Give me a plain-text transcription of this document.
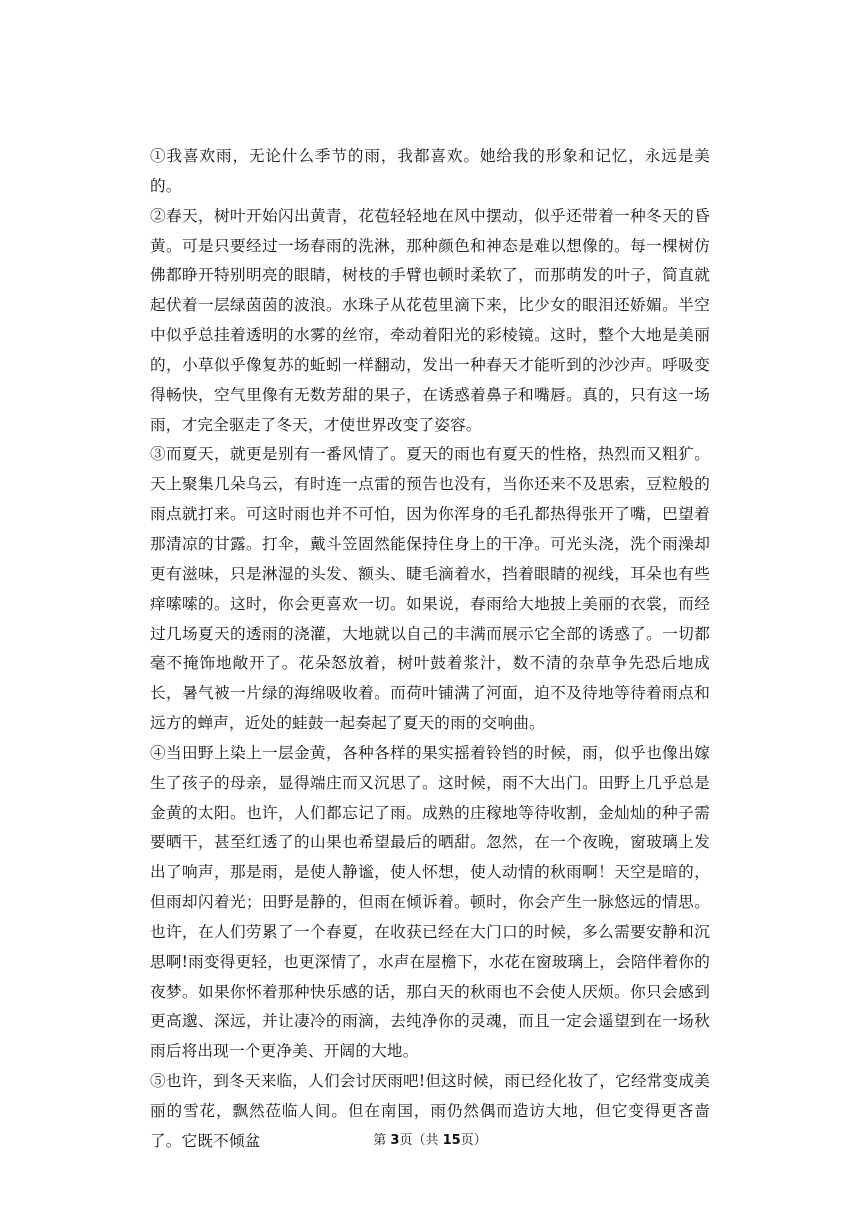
①我喜欢雨，无论什么季节的雨，我都喜欢。她给我的形象和记忆，永远是美的。

②春天，树叶开始闪出黄青，花苞轻轻地在风中摆动，似乎还带着一种冬天的昏黄。可是只要经过一场春雨的洗淋，那种颜色和神态是难以想像的。每一棵树仿佛都睁开特别明亮的眼睛，树枝的手臂也顿时柔软了，而那萌发的叶子，简直就起伏着一层绿茵茵的波浪。水珠子从花苞里滴下来，比少女的眼泪还娇媚。半空中似乎总挂着透明的水雾的丝帘，牵动着阳光的彩棱镜。这时，整个大地是美丽的，小草似乎像复苏的蚯蚓一样翻动，发出一种春天才能听到的沙沙声。呼吸变得畅快，空气里像有无数芳甜的果子，在诱惑着鼻子和嘴唇。真的，只有这一场雨，才完全驱走了冬天，才使世界改变了姿容。

③而夏天，就更是别有一番风情了。夏天的雨也有夏天的性格，热烈而又粗犷。天上聚集几朵乌云，有时连一点雷的预告也没有，当你还来不及思索，豆粒般的雨点就打来。可这时雨也并不可怕，因为你浑身的毛孔都热得张开了嘴，巴望着那清凉的甘露。打伞，戴斗笠固然能保持住身上的干净。可光头浇，洗个雨澡却更有滋味，只是淋湿的头发、额头、睫毛滴着水，挡着眼睛的视线，耳朵也有些痒嗦嗦的。这时，你会更喜欢一切。如果说，春雨给大地披上美丽的衣裳，而经过几场夏天的透雨的浇灌，大地就以自己的丰满而展示它全部的诱惑了。一切都毫不掩饰地敞开了。花朵怒放着，树叶鼓着浆汁，数不清的杂草争先恐后地成长，暑气被一片绿的海绵吸收着。而荷叶铺满了河面，迫不及待地等待着雨点和远方的蝉声，近处的蛙鼓一起奏起了夏天的雨的交响曲。

④当田野上染上一层金黄，各种各样的果实摇着铃铛的时候，雨，似乎也像出嫁生了孩子的母亲，显得端庄而又沉思了。这时候，雨不大出门。田野上几乎总是金黄的太阳。也许，人们都忘记了雨。成熟的庄稼地等待收割，金灿灿的种子需要晒干，甚至红透了的山果也希望最后的晒甜。忽然，在一个夜晚，窗玻璃上发出了响声，那是雨，是使人静谧，使人怀想，使人动情的秋雨啊！天空是暗的，但雨却闪着光；田野是静的，但雨在倾诉着。顿时，你会产生一脉悠远的情思。也许，在人们劳累了一个春夏，在收获已经在大门口的时候，多么需要安静和沉思啊!雨变得更轻，也更深情了，水声在屋檐下，水花在窗玻璃上，会陪伴着你的夜梦。如果你怀着那种快乐感的话，那白天的秋雨也不会使人厌烦。你只会感到更高邈、深远，并让凄冷的雨滴，去纯净你的灵魂，而且一定会遥望到在一场秋雨后将出现一个更净美、开阔的大地。

⑤也许，到冬天来临，人们会讨厌雨吧!但这时候，雨已经化妆了，它经常变成美丽的雪花，飘然莅临人间。但在南国，雨仍然偶而造访大地，但它变得更吝啬了。它既不倾盆	第 3页（共 15页）
